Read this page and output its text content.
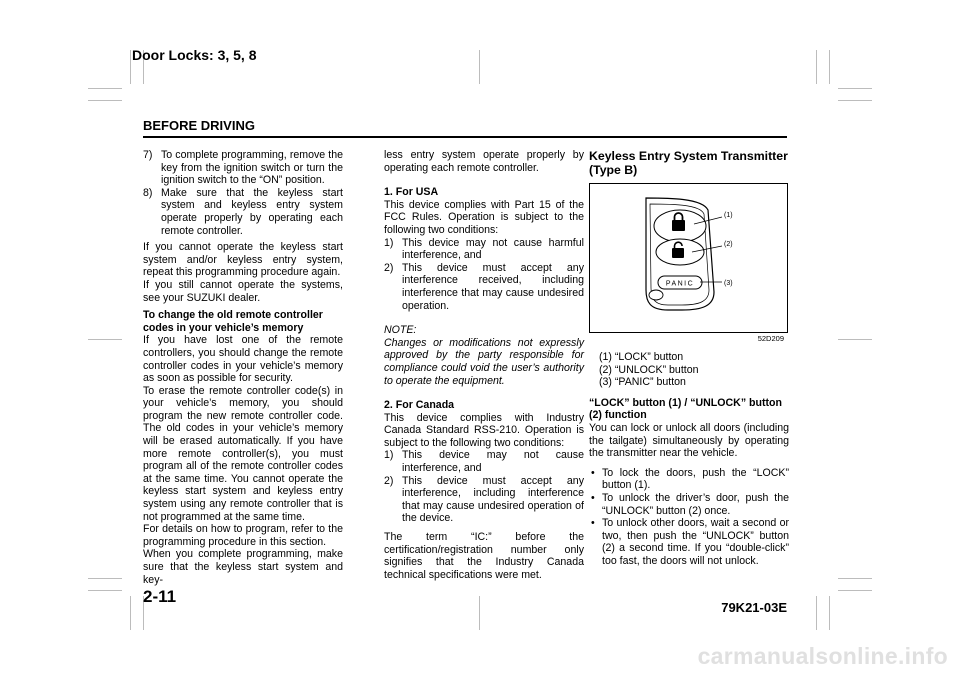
Door Locks: 3, 5, 8
BEFORE DRIVING
7) To complete programming, remove the key from the ignition switch or turn the ignition switch to the “ON” position.
8) Make sure that the keyless start system and keyless entry system operate properly by operating each remote controller.

If you cannot operate the keyless start system and/or keyless entry system, repeat this programming procedure again.

If you still cannot operate the systems, see your SUZUKI dealer.

To change the old remote controller codes in your vehicle’s memory

If you have lost one of the remote controllers, you should change the remote controller codes in your vehicle’s memory as soon as possible for security.

To erase the remote controller code(s) in your vehicle’s memory, you should program the new remote controller code. The old codes in your vehicle’s memory will be erased automatically. If you have more remote controller(s), you must program all of the remote controller codes at the same time. You cannot operate the keyless start system and keyless entry system using any remote controller that is not programmed at the same time.

For details on how to program, refer to the programming procedure in this section.

When you complete programming, make sure that the keyless start system and key-

less entry system operate properly by operating each remote controller.

1. For USA

This device complies with Part 15 of the FCC Rules. Operation is subject to the following two conditions:

1) This device may not cause harmful interference, and
2) This device must accept any interference received, including interference that may cause undesired operation.

NOTE:

Changes or modifications not expressly approved by the party responsible for compliance could void the user’s authority to operate the equipment.

2. For Canada

This device complies with Industry Canada Standard RSS-210. Operation is subject to the following two conditions:

1) This device may not cause interference, and
2) This device must accept any interference, including interference that may cause undesired operation of the device.

The term “IC:” before the certification/registration number only signifies that the Industry Canada technical specifications were met.

Keyless Entry System Transmitter (Type B)
PANIC
(1)
(2)
(3)
52D209
(1) “LOCK” button
(2) “UNLOCK” button
(3) “PANIC” button

“LOCK” button (1) / “UNLOCK” button (2) function

You can lock or unlock all doors (including the tailgate) simultaneously by operating the transmitter near the vehicle.

• To lock the doors, push the “LOCK” button (1).
• To unlock the driver’s door, push the “UNLOCK” button (2) once.
• To unlock other doors, wait a second or two, then push the “UNLOCK” button (2) a second time. If you “double-click” too fast, the doors will not unlock.
2-11
79K21-03E
carmanualsonline.info
